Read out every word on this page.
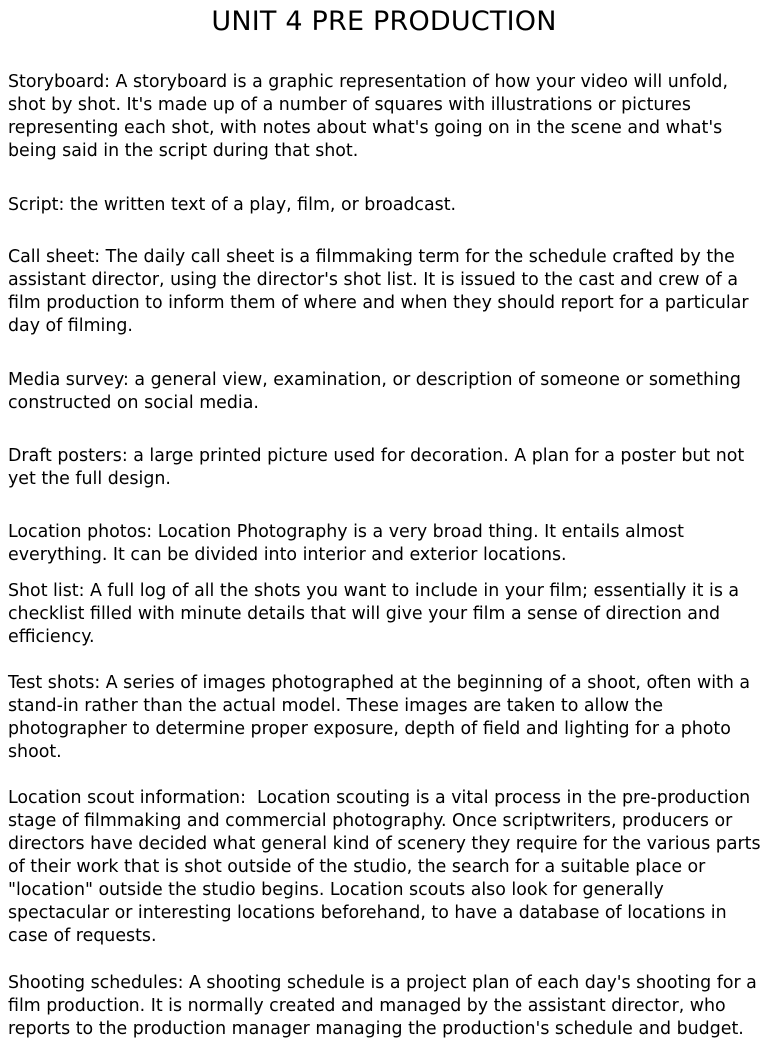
UNIT 4 PRE PRODUCTION

Storyboard: A storyboard is a graphic representation of how your video will unfold, shot by shot. It's made up of a number of squares with illustrations or pictures representing each shot, with notes about what's going on in the scene and what's being said in the script during that shot.

Script: the written text of a play, film, or broadcast.

Call sheet: The daily call sheet is a filmmaking term for the schedule crafted by the assistant director, using the director's shot list. It is issued to the cast and crew of a film production to inform them of where and when they should report for a particular day of filming.

Media survey: a general view, examination, or description of someone or something constructed on social media.

Draft posters: a large printed picture used for decoration. A plan for a poster but not yet the full design.

Location photos: Location Photography is a very broad thing. It entails almost everything. It can be divided into interior and exterior locations.

Shot list: A full log of all the shots you want to include in your film; essentially it is a checklist filled with minute details that will give your film a sense of direction and efficiency.

Test shots: A series of images photographed at the beginning of a shoot, often with a stand-in rather than the actual model. These images are taken to allow the photographer to determine proper exposure, depth of field and lighting for a photo shoot.

Location scout information:  Location scouting is a vital process in the pre-production stage of filmmaking and commercial photography. Once scriptwriters, producers or directors have decided what general kind of scenery they require for the various parts of their work that is shot outside of the studio, the search for a suitable place or "location" outside the studio begins. Location scouts also look for generally spectacular or interesting locations beforehand, to have a database of locations in case of requests.

Shooting schedules: A shooting schedule is a project plan of each day's shooting for a film production. It is normally created and managed by the assistant director, who reports to the production manager managing the production's schedule and budget.
